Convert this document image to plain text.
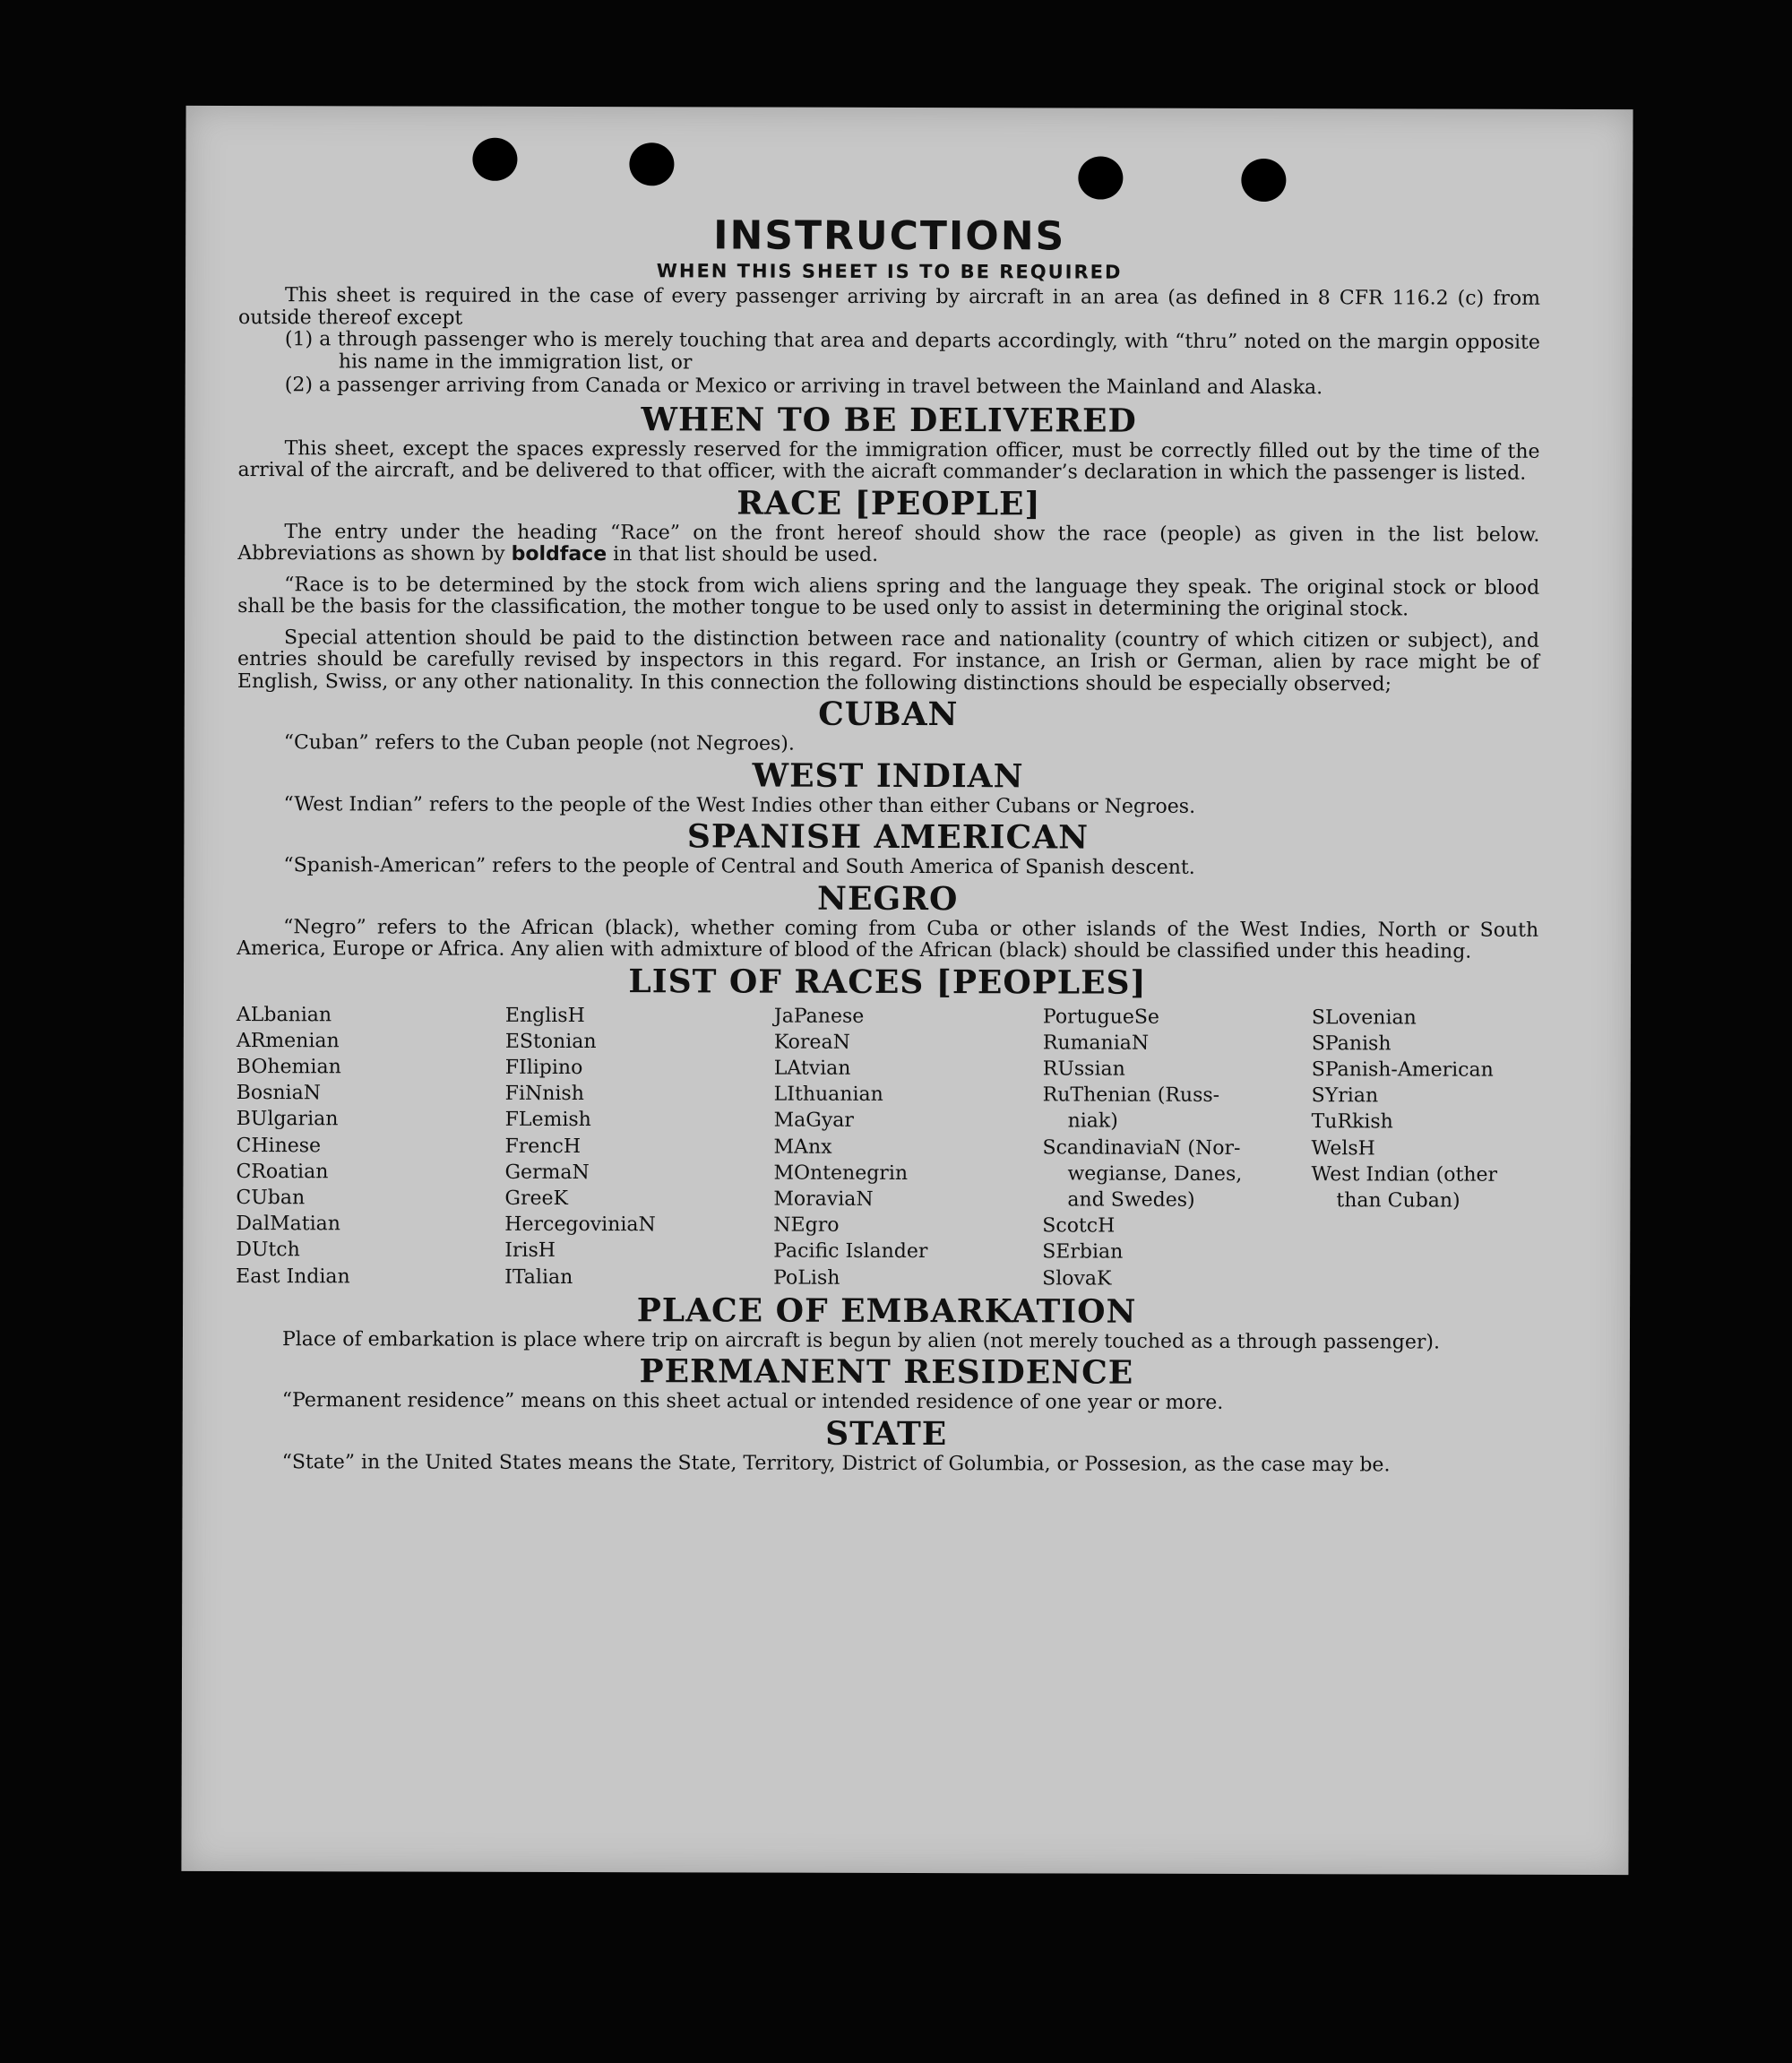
INSTRUCTIONS
WHEN THIS SHEET IS TO BE REQUIRED

This sheet is required in the case of every passenger arriving by aircraft in an area (as defined in 8 CFR 116.2 (c) from outside thereof except

(1) a through passenger who is merely touching that area and departs accordingly, with “thru” noted on the margin opposite his name in the immigration list, or
(2) a passenger arriving from Canada or Mexico or arriving in travel between the Mainland and Alaska.
WHEN TO BE DELIVERED

This sheet, except the spaces expressly reserved for the immigration officer, must be correctly filled out by the time of the arrival of the aircraft, and be delivered to that officer, with the aicraft commander’s declaration in which the passenger is listed.

RACE [PEOPLE]

The entry under the heading “Race” on the front hereof should show the race (people) as given in the list below. Abbreviations as shown by boldface in that list should be used.

“Race is to be determined by the stock from wich aliens spring and the language they speak. The original stock or blood shall be the basis for the classification, the mother tongue to be used only to assist in determining the original stock.

Special attention should be paid to the distinction between race and nationality (country of which citizen or subject), and entries should be carefully revised by inspectors in this regard. For instance, an Irish or German, alien by race might be of English, Swiss, or any other nationality. In this connection the following distinctions should be especially observed;

CUBAN

“Cuban” refers to the Cuban people (not Negroes).

WEST INDIAN

“West Indian” refers to the people of the West Indies other than either Cubans or Negroes.

SPANISH AMERICAN

“Spanish-American” refers to the people of Central and South America of Spanish descent.

NEGRO

“Negro” refers to the African (black), whether coming from Cuba or other islands of the West Indies, North or South America, Europe or Africa. Any alien with admixture of blood of the African (black) should be classified under this heading.

LIST OF RACES [PEOPLES]
ALbanian
ARmenian
BOhemian
BosniaN
BUlgarian
CHinese
CRoatian
CUban
DalMatian
DUtch
East Indian
EnglisH
EStonian
FIlipino
FiNnish
FLemish
FrencH
GermaN
GreeK
HercegoviniaN
IrisH
ITalian
JaPanese
KoreaN
LAtvian
LIthuanian
MaGyar
MAnx
MOntenegrin
MoraviaN
NEgro
Pacific Islander
PoLish
PortugueSe
RumaniaN
RUssian
RuThenian (Russ-
niak)
ScandinaviaN (Nor-
wegianse, Danes,
and Swedes)
ScotcH
SErbian
SlovaK
SLovenian
SPanish
SPanish-American
SYrian
TuRkish
WelsH
West Indian (other
than Cuban)
PLACE OF EMBARKATION

Place of embarkation is place where trip on aircraft is begun by alien (not merely touched as a through passenger).

PERMANENT RESIDENCE

“Permanent residence” means on this sheet actual or intended residence of one year or more.

STATE

“State” in the United States means the State, Territory, District of Golumbia, or Possesion, as the case may be.
